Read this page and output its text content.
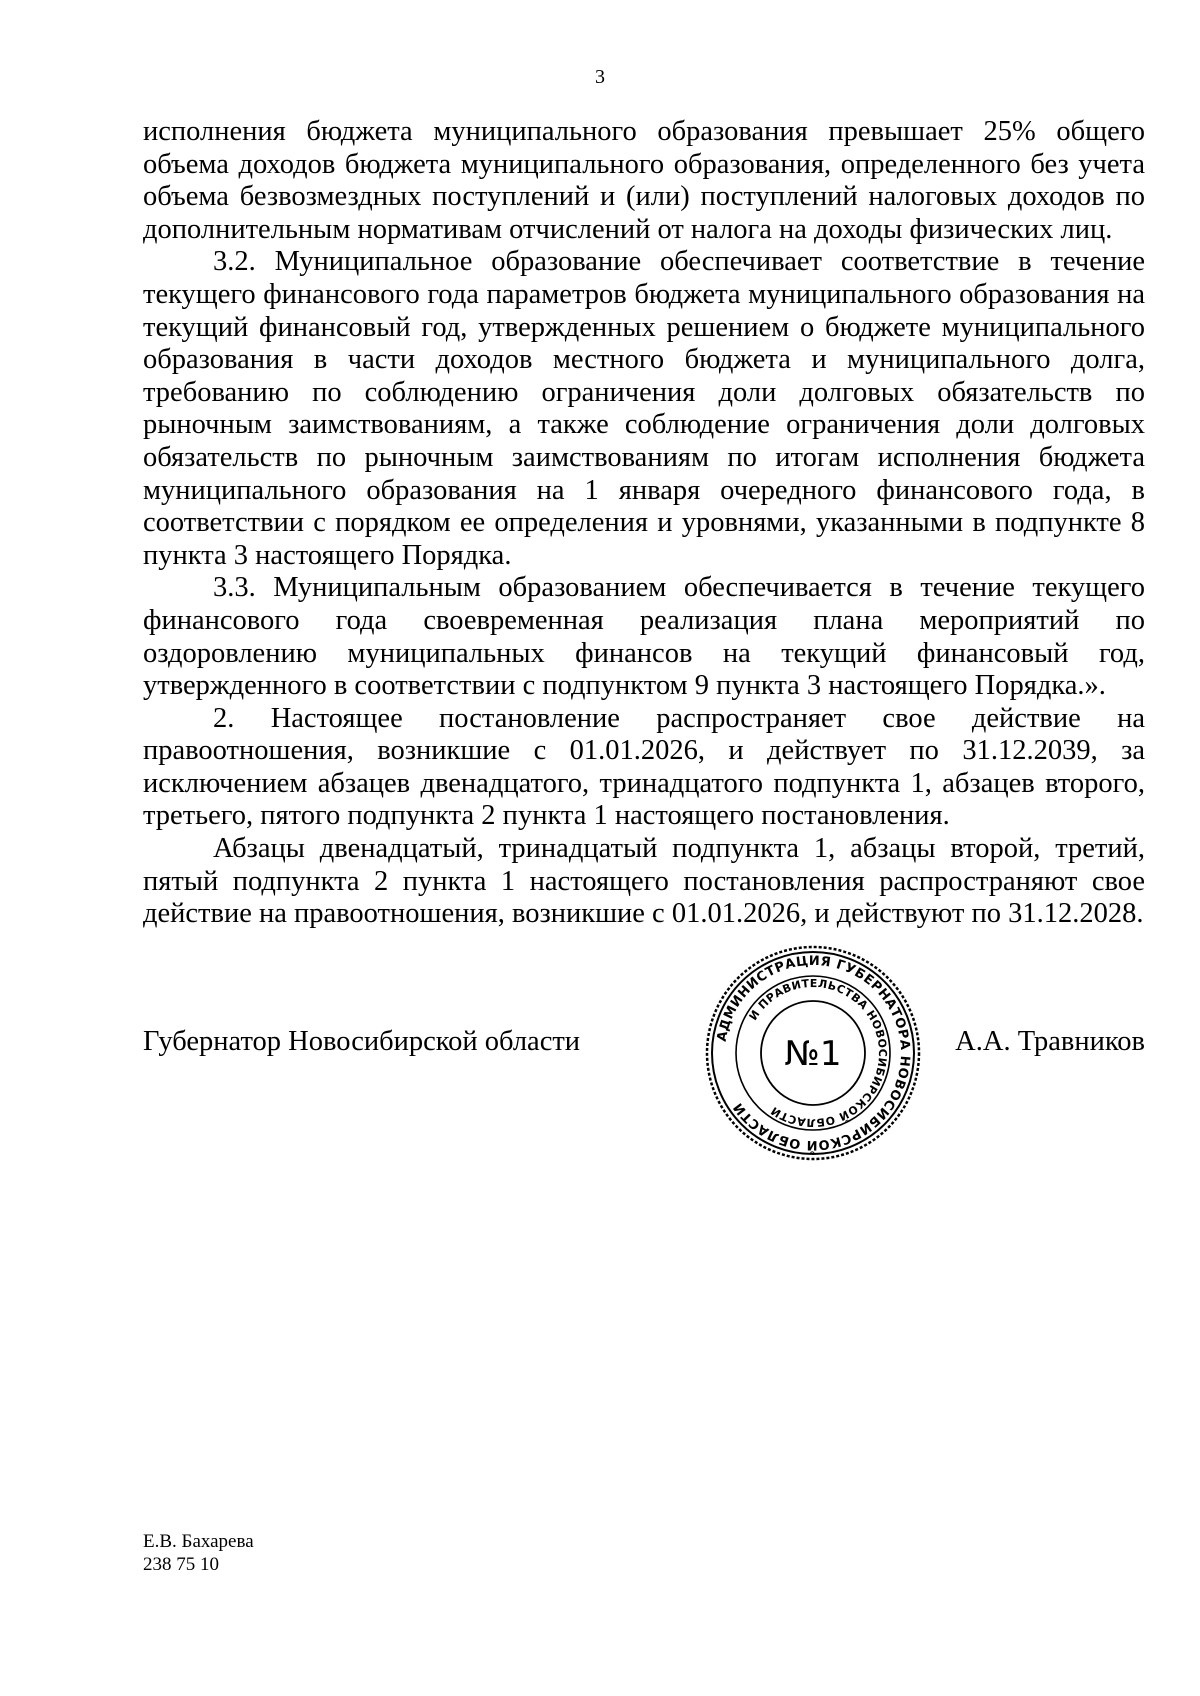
3

исполнения бюджета муниципального образования превышает 25% общего объема доходов бюджета муниципального образования, определенного без учета объема безвозмездных поступлений и (или) поступлений налоговых доходов по дополнительным нормативам отчислений от налога на доходы физических лиц.

3.2. Муниципальное образование обеспечивает соответствие в течение текущего финансового года параметров бюджета муниципального образования на текущий финансовый год, утвержденных решением о бюджете муниципального образования в части доходов местного бюджета и муниципального долга, требованию по соблюдению ограничения доли долговых обязательств по рыночным заимствованиям, а также соблюдение ограничения доли долговых обязательств по рыночным заимствованиям по итогам исполнения бюджета муниципального образования на 1 января очередного финансового года, в соответствии с порядком ее определения и уровнями, указанными в подпункте 8 пункта 3 настоящего Порядка.

3.3. Муниципальным образованием обеспечивается в течение текущего финансового года своевременная реализация плана мероприятий по оздоровлению муниципальных финансов на текущий финансовый год, утвержденного в соответствии с подпунктом 9 пункта 3 настоящего Порядка.».

2. Настоящее постановление распространяет свое действие на правоотношения, возникшие с 01.01.2026, и действует по 31.12.2039, за исключением абзацев двенадцатого, тринадцатого подпункта 1, абзацев второго, третьего, пятого подпункта 2 пункта 1 настоящего постановления.

Абзацы двенадцатый, тринадцатый подпункта 1, абзацы второй, третий, пятый подпункта 2 пункта 1 настоящего постановления распространяют свое действие на правоотношения, возникшие с 01.01.2026, и действуют по 31.12.2028.

Губернатор Новосибирской области	АДМИНИСТРАЦИЯ ГУБЕРНАТОРА НОВОСИБИРСКОЙ ОБЛАСТИ
И ПРАВИТЕЛЬСТВА НОВОСИБИРСКОЙ ОБЛАСТИ
№1	А.А. Травников
Е.В. Бахарева
238 75 10
